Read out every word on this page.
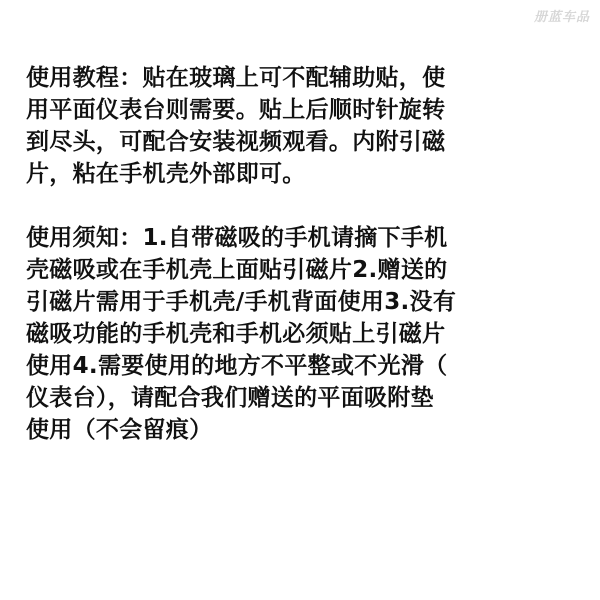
册蓝车品

使用教程：贴在玻璃上可不配辅助贴，使
用平面仪表台则需要。贴上后顺时针旋转
到尽头，可配合安装视频观看。内附引磁
片，粘在手机壳外部即可。

使用须知：1.自带磁吸的手机请摘下手机
壳磁吸或在手机壳上面贴引磁片2.赠送的
引磁片需用于手机壳/手机背面使用3.没有
磁吸功能的手机壳和手机必须贴上引磁片
使用4.需要使用的地方不平整或不光滑（
仪表台），请配合我们赠送的平面吸附垫
使用（不会留痕）
